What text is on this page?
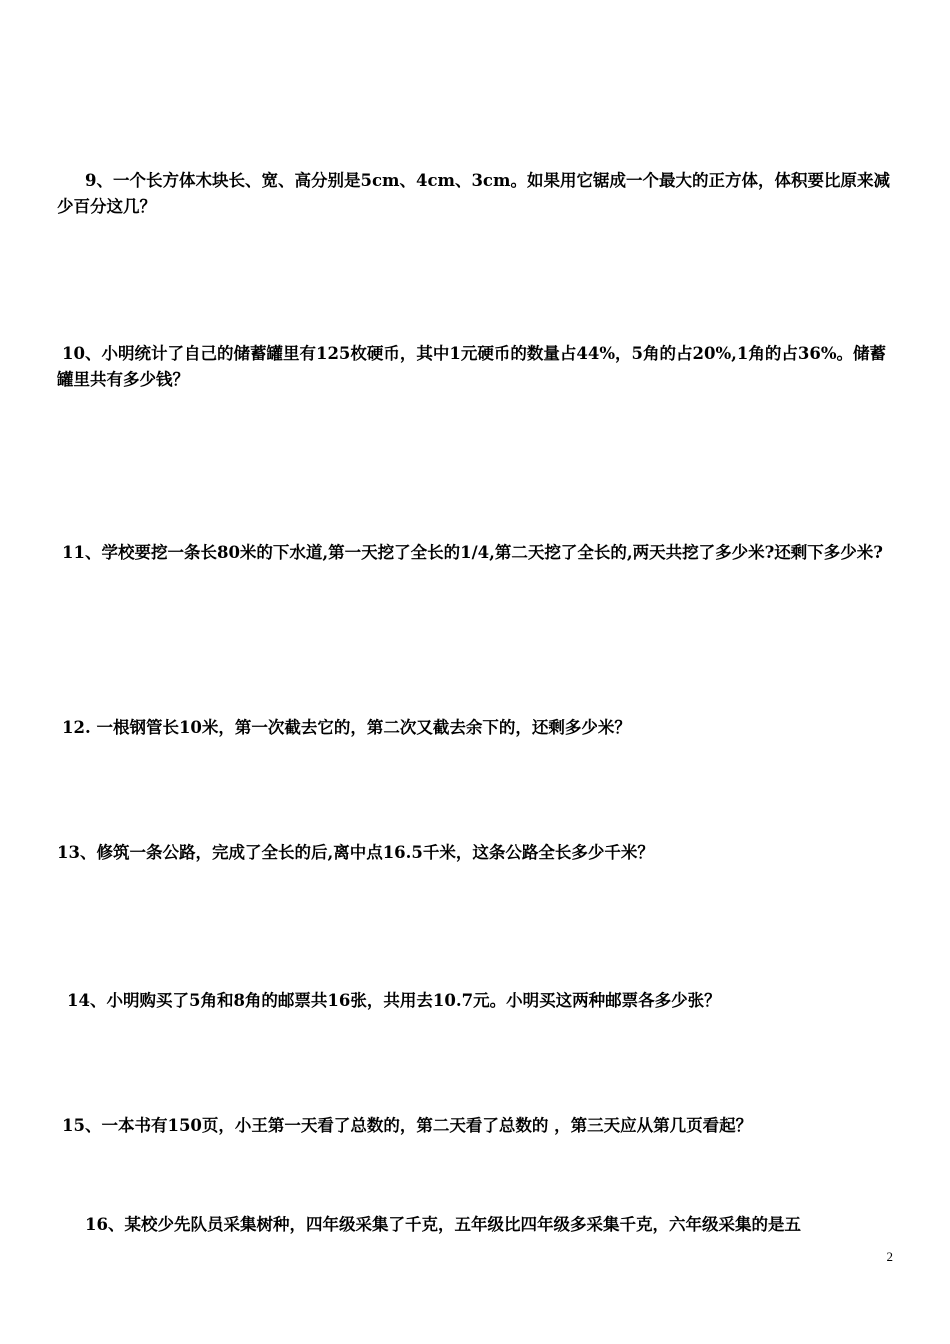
9、一个长方体木块长、宽、高分别是5cm、4cm、3cm。如果用它锯成一个最大的正方体，体积要比原来减少百分这几？

10、小明统计了自己的储蓄罐里有125枚硬币，其中1元硬币的数量占44%，5角的占20%,1角的占36%。储蓄罐里共有多少钱？

11、学校要挖一条长80米的下水道,第一天挖了全长的1/4,第二天挖了全长的,两天共挖了多少米?还剩下多少米?

12. 一根钢管长10米，第一次截去它的，第二次又截去余下的，还剩多少米？

13、修筑一条公路，完成了全长的后,离中点16.5千米，这条公路全长多少千米？

14、小明购买了5角和8角的邮票共16张，共用去10.7元。小明买这两种邮票各多少张？

15、一本书有150页，小王第一天看了总数的，第二天看了总数的 ，第三天应从第几页看起？

16、某校少先队员采集树种，四年级采集了千克，五年级比四年级多采集千克，六年级采集的是五

2
